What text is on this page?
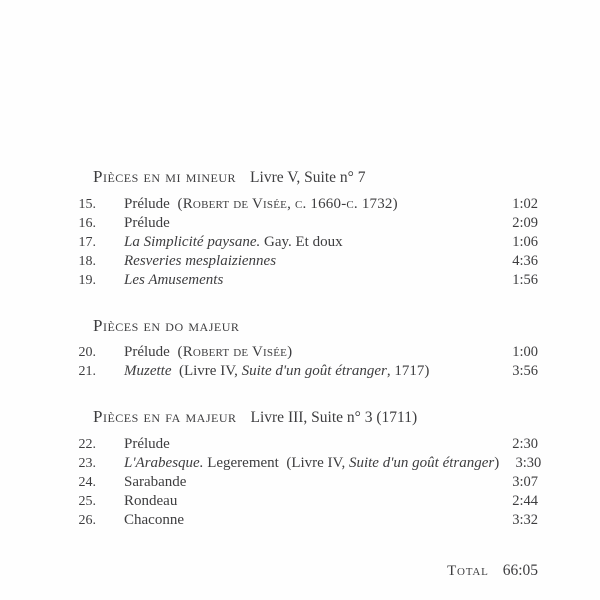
Pièces en mi mineur Livre V, Suite n° 7
15.	Prélude (Robert de Visée, c. 1660-c. 1732)	1:02
16.	Prélude	2:09
17.	La Simplicité paysane. Gay. Et doux	1:06
18.	Resveries mesplaiziennes	4:36
19.	Les Amusements	1:56
Pièces en do majeur
20.	Prélude (Robert de Visée)	1:00
21.	Muzette (Livre IV, Suite d'un goût étranger, 1717)	3:56
Pièces en fa majeur Livre III, Suite n° 3 (1711)
22.	Prélude	2:30
23.	L'Arabesque. Legerement (Livre IV, Suite d'un goût étranger)	3:30
24.	Sarabande	3:07
25.	Rondeau	2:44
26.	Chaconne	3:32
Total 66:05
